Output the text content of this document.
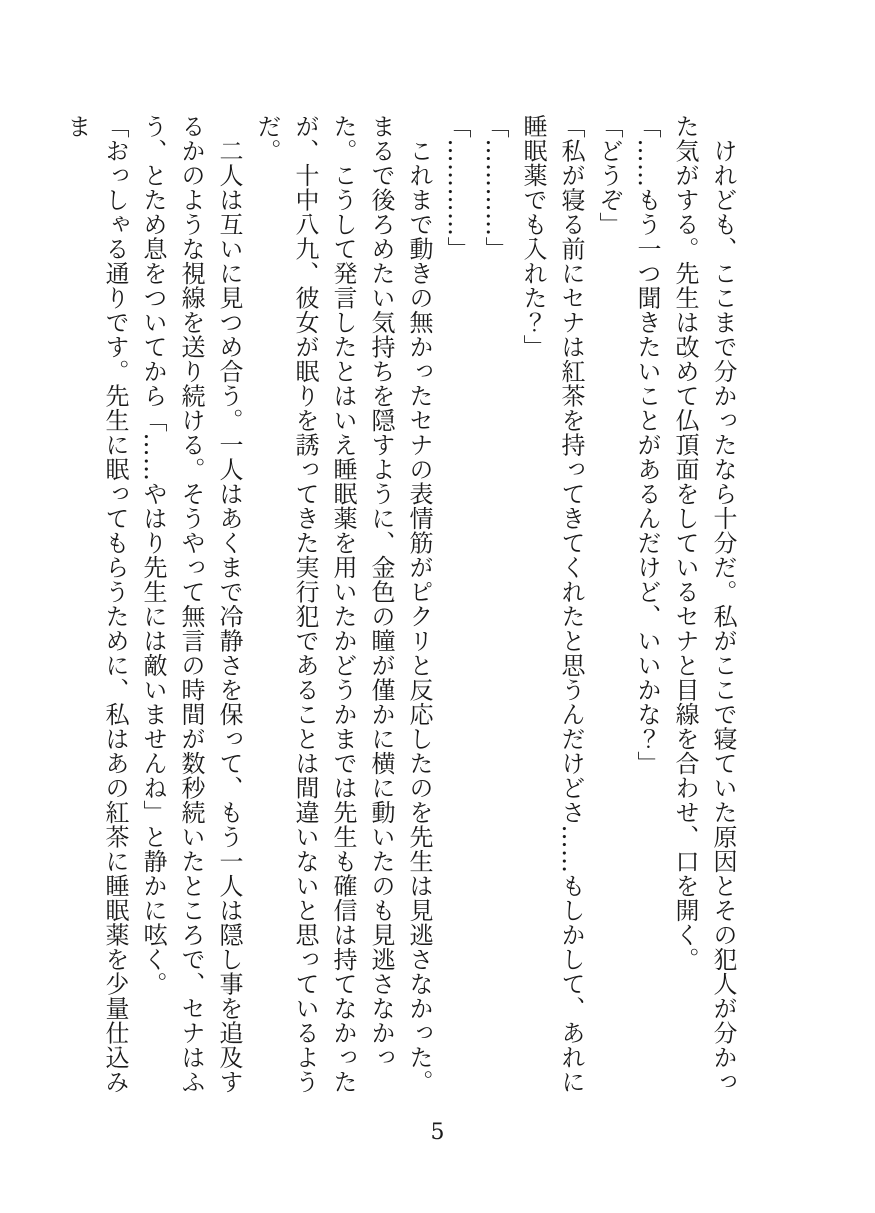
　けれども、ここまで分かったなら十分だ。私がここで寝ていた原因とその犯人が分かった気がする。先生は改めて仏頂面をしているセナと目線を合わせ、口を開く。

「……もう一つ聞きたいことがあるんだけど、いいかな？」

「どうぞ」

「私が寝る前にセナは紅茶を持ってきてくれたと思うんだけどさ……もしかして、あれに睡眠薬でも入れた？」

「…………」

「…………」

　これまで動きの無かったセナの表情筋がピクリと反応したのを先生は見逃さなかった。まるで後ろめたい気持ちを隠すように、金色の瞳が僅かに横に動いたのも見逃さなかった。こうして発言したとはいえ睡眠薬を用いたかどうかまでは先生も確信は持てなかったが、十中八九、彼女が眠りを誘ってきた実行犯であることは間違いないと思っているようだ。

　二人は互いに見つめ合う。一人はあくまで冷静さを保って、もう一人は隠し事を追及するかのような視線を送り続ける。そうやって無言の時間が数秒続いたところで、セナはふう、とため息をついてから「……やはり先生には敵いませんね」と静かに呟く。

「おっしゃる通りです。先生に眠ってもらうために、私はあの紅茶に睡眠薬を少量仕込みま

5
